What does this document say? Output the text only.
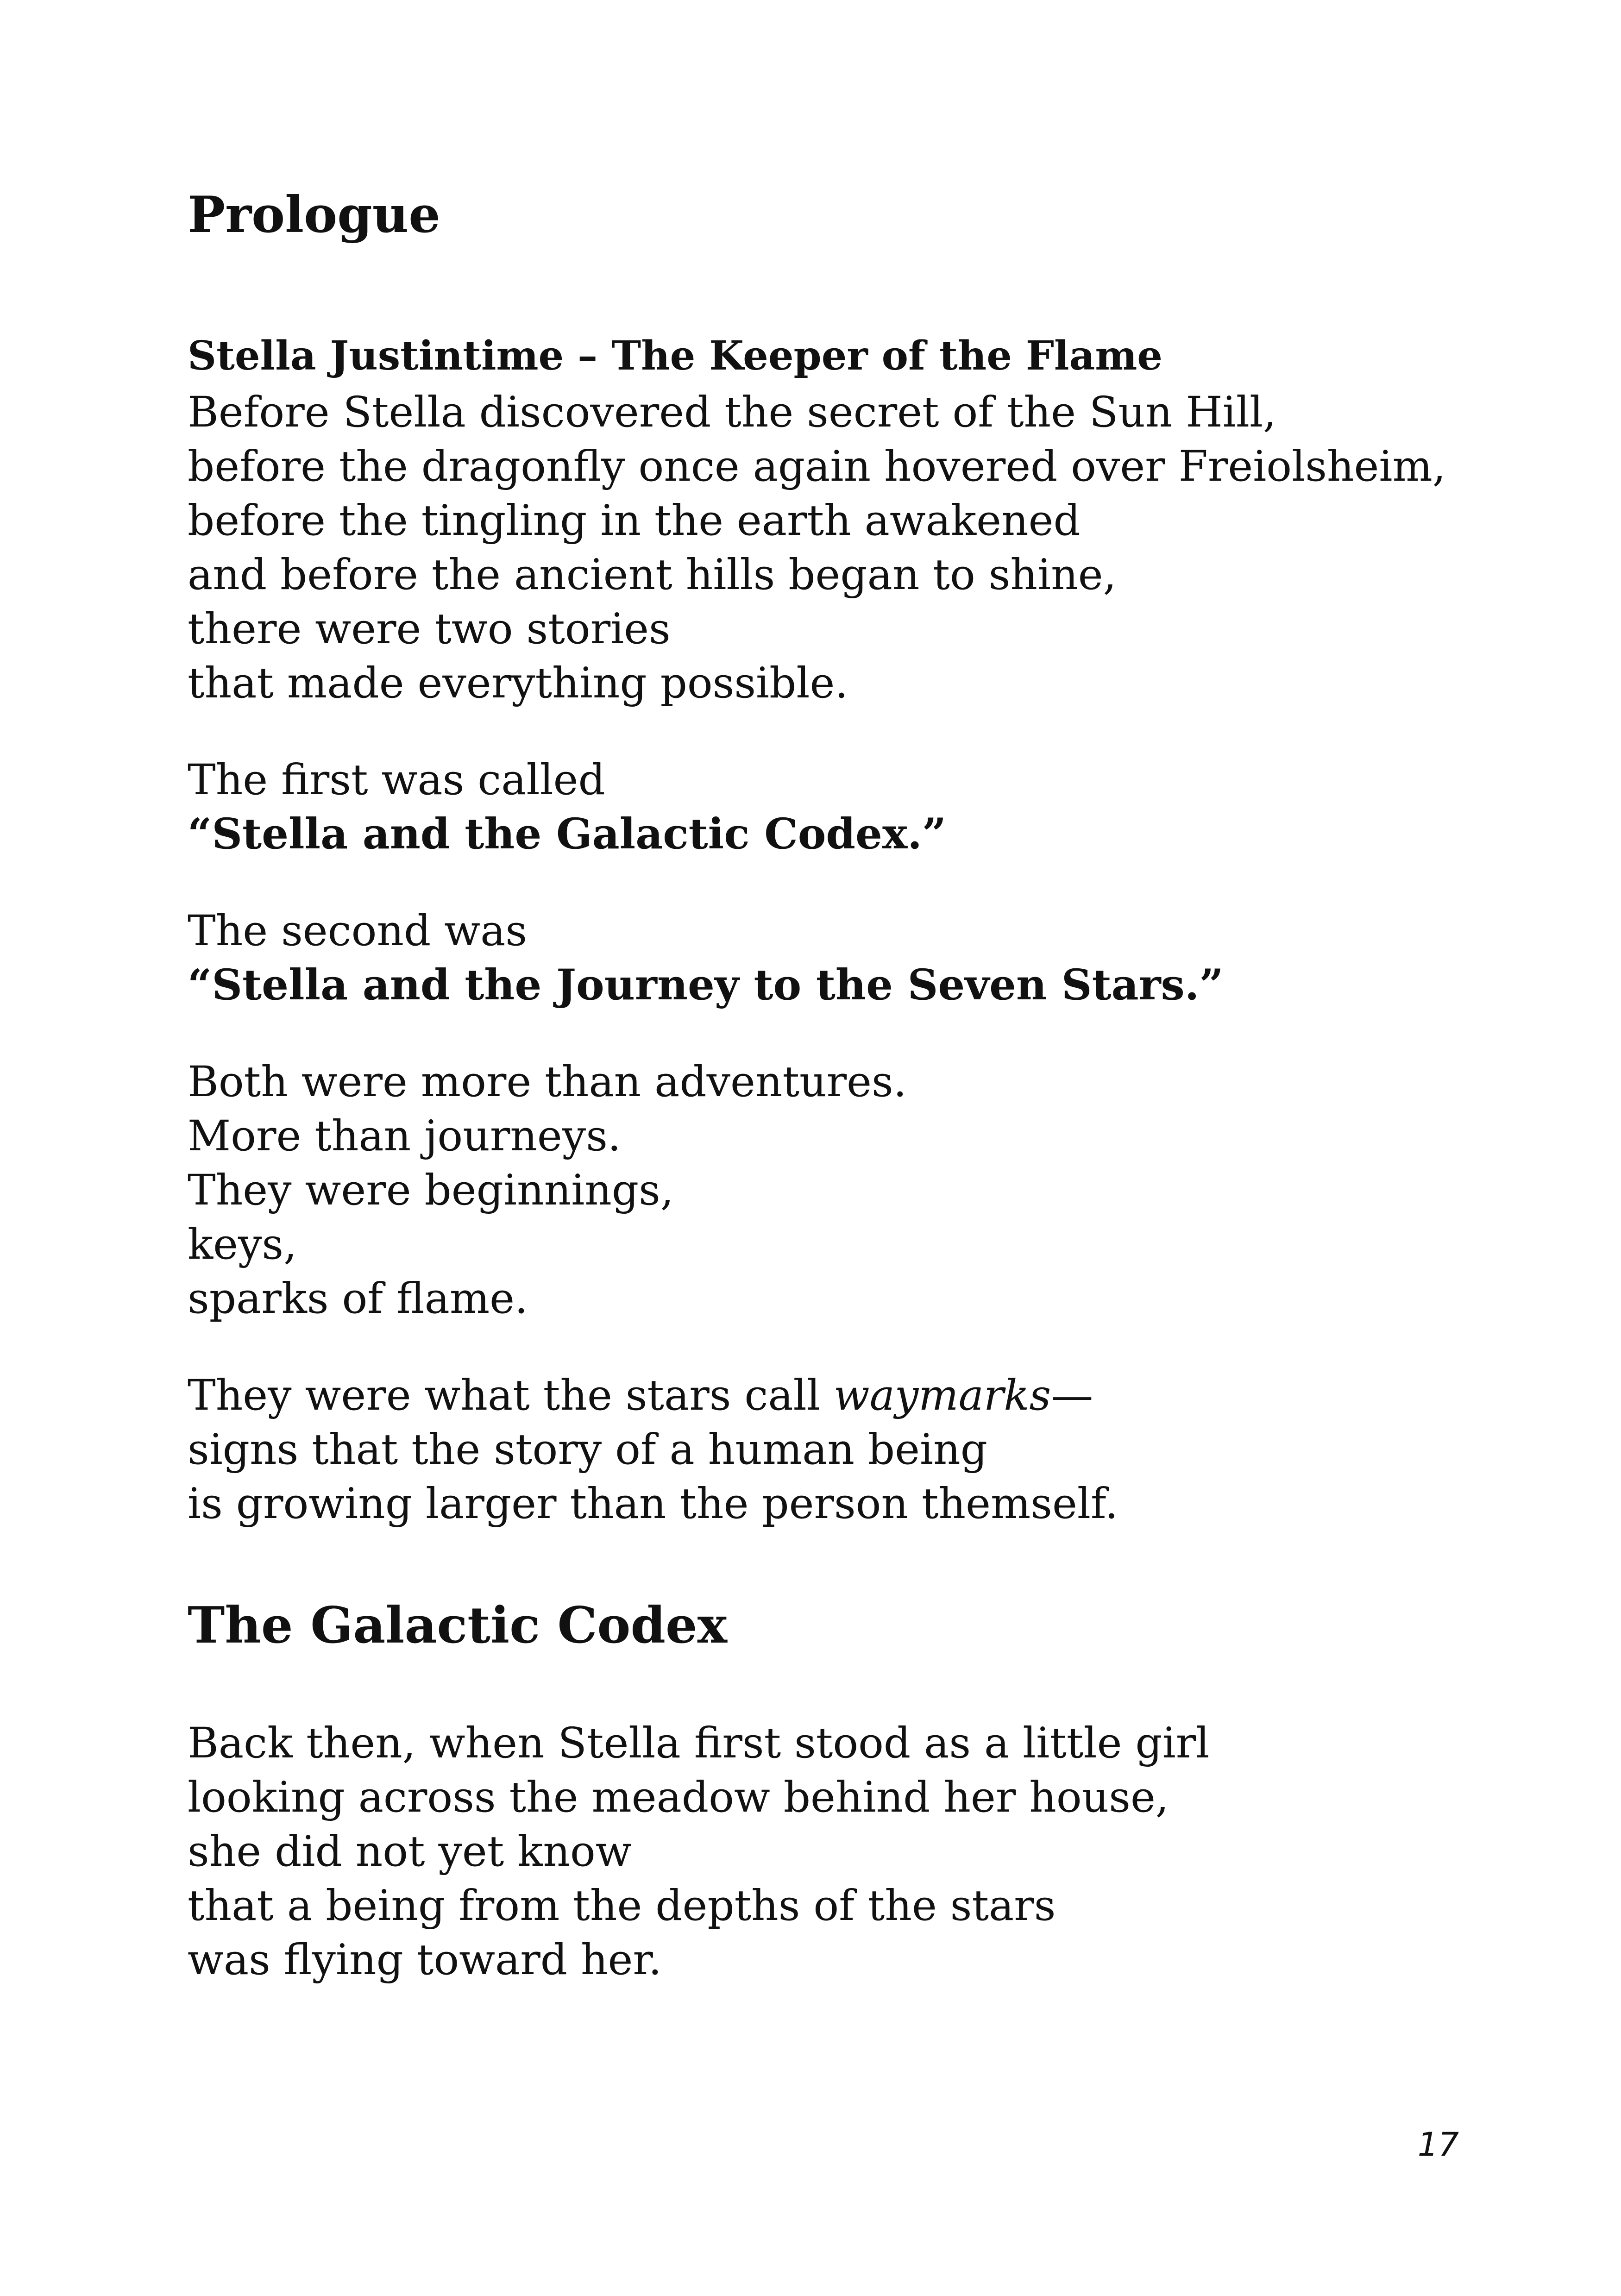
Prologue
Stella Justintime – The Keeper of the Flame
Before Stella discovered the secret of the Sun Hill,
before the dragonfly once again hovered over Freiolsheim,
before the tingling in the earth awakened
and before the ancient hills began to shine,
there were two stories
that made everything possible.
The first was called
“Stella and the Galactic Codex.”
The second was
“Stella and the Journey to the Seven Stars.”
Both were more than adventures.
More than journeys.
They were beginnings,
keys,
sparks of flame.
They were what the stars call waymarks—
signs that the story of a human being
is growing larger than the person themself.
The Galactic Codex
Back then, when Stella first stood as a little girl
looking across the meadow behind her house,
she did not yet know
that a being from the depths of the stars
was flying toward her.
17
